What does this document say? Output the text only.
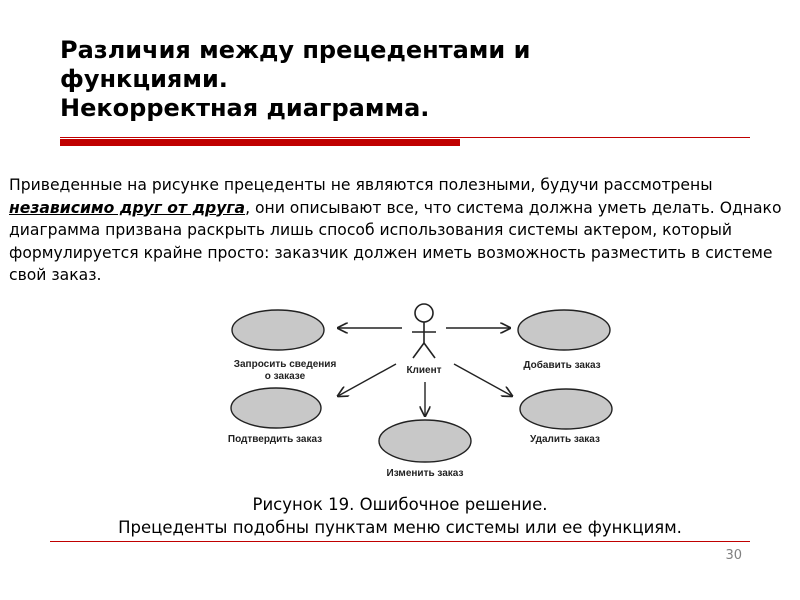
Различия между прецедентами и
функциями.
Некорректная диаграмма.
Приведенные на рисунке прецеденты не являются полезными, будучи рассмотрены независимо друг от друга, они описывают все, что система должна уметь делать. Однако диаграмма призвана раскрыть лишь способ использования системы актером, который формулируется крайне просто: заказчик должен иметь возможность разместить в системе свой заказ.
Клиент
Запросить сведения
о заказе
Добавить заказ
Подтвердить заказ
Изменить заказ
Удалить заказ
Рисунок 19. Ошибочное решение.
Прецеденты подобны пунктам меню системы или ее функциям.
30
